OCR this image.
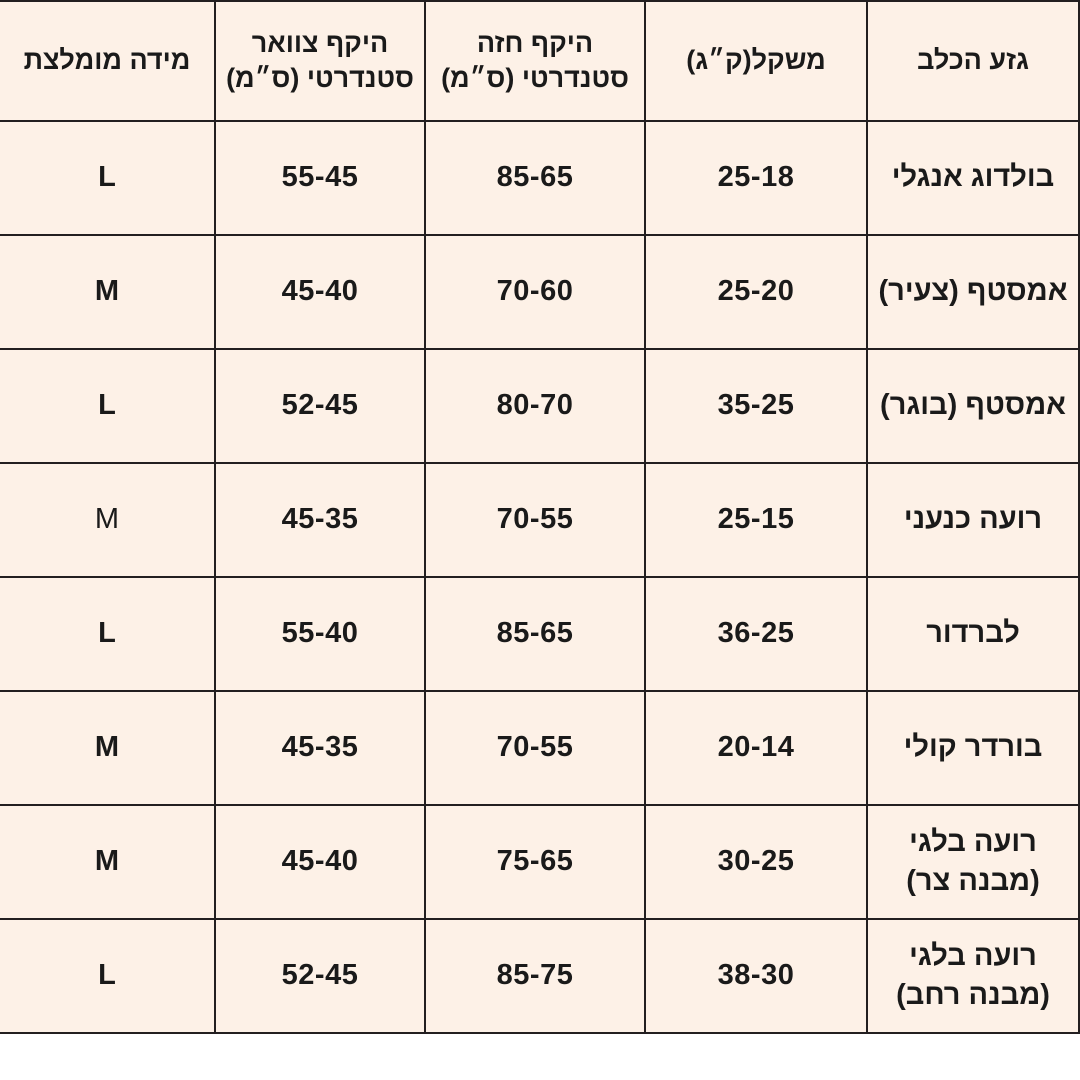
גזע הכלב	משקל(ק״ג)	היקף חזה סטנדרטי (ס״מ)	היקף צוואר סטנדרטי (ס״מ)	מידה מומלצת
בולדוג אנגלי	25-18	85-65	55-45	L
אמסטף (צעיר)	25-20	70-60	45-40	M
אמסטף (בוגר)	35-25	80-70	52-45	L
רועה כנעני	25-15	70-55	45-35	M
לברדור	36-25	85-65	55-40	L
בורדר קולי	20-14	70-55	45-35	M
רועה בלגי (מבנה צר)	30-25	75-65	45-40	M
רועה בלגי (מבנה רחב)	38-30	85-75	52-45	L
